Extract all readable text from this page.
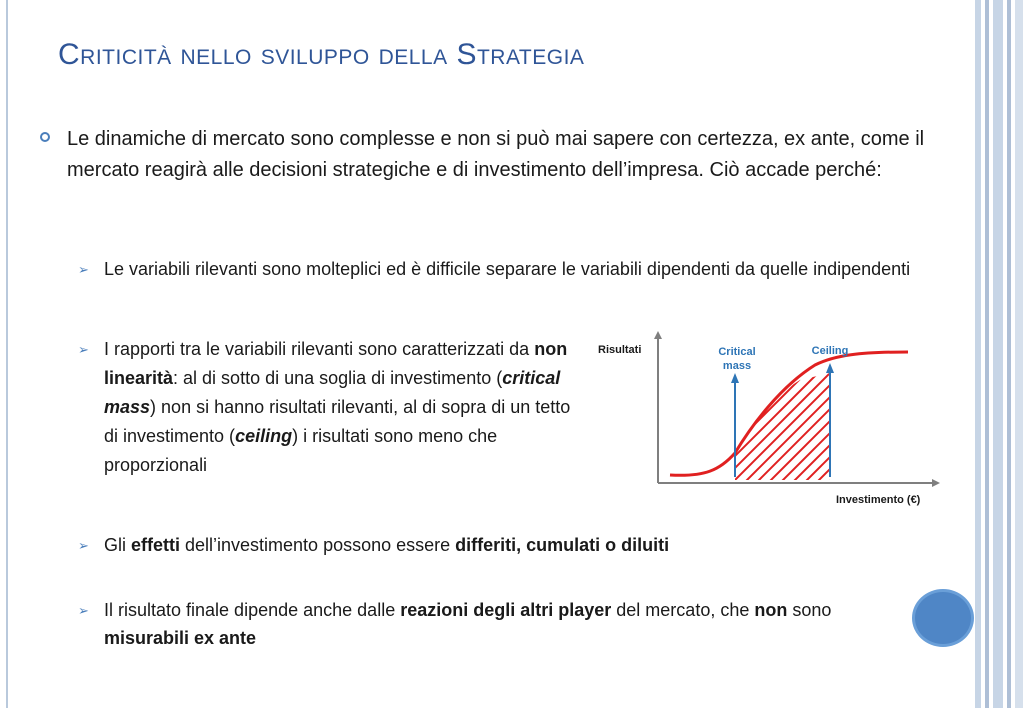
Criticità nello sviluppo della Strategia
Le dinamiche di mercato sono complesse e non si può mai sapere con certezza, ex ante, come il mercato reagirà alle decisioni strategiche e di investimento dell’impresa. Ciò accade perché:
➢ Le variabili rilevanti sono molteplici ed è difficile separare le variabili dipendenti da quelle indipendenti
➢ I rapporti tra le variabili rilevanti sono caratterizzati da non linearità: al di sotto di una soglia di investimento (critical mass) non si hanno risultati rilevanti, al di sopra di un tetto di investimento (ceiling) i risultati sono meno che proporzionali
➢ Gli effetti dell’investimento possono essere differiti, cumulati o diluiti
➢ Il risultato finale dipende anche dalle reazioni degli altri player del mercato, che non sono misurabili ex ante
Risultati
Investimento (€)
Critical mass
Ceiling
